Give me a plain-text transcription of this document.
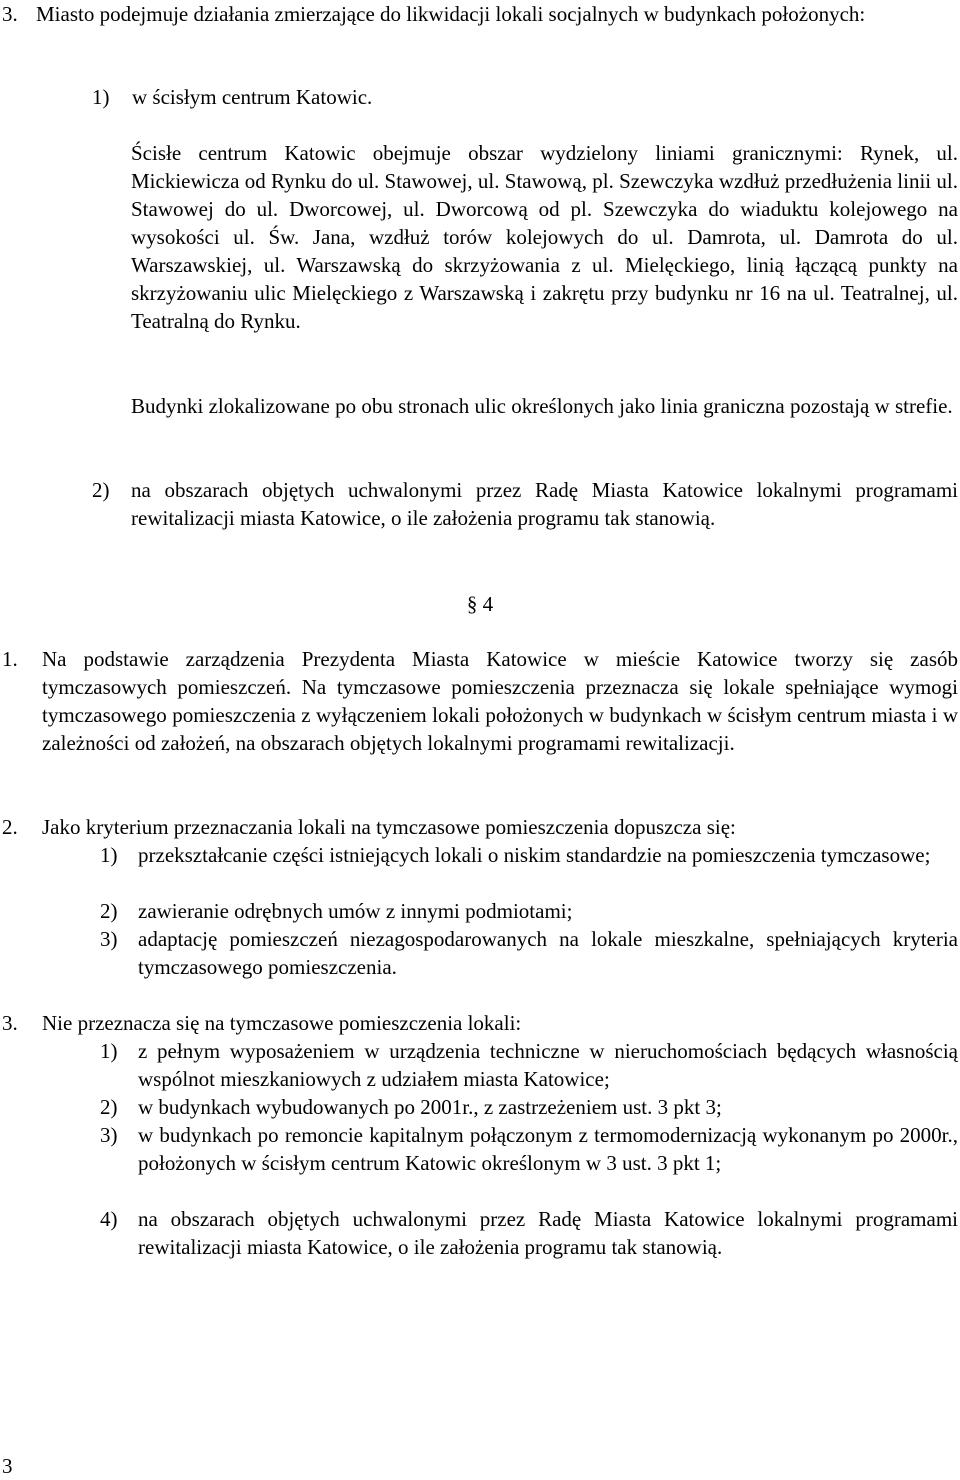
3. Miasto podejmuje działania zmierzające do likwidacji lokali socjalnych w budynkach położonych:
1) w ścisłym centrum Katowic.
Ścisłe centrum Katowic obejmuje obszar wydzielony liniami granicznymi: Rynek, ul. Mickiewicza od Rynku do ul. Stawowej, ul. Stawową, pl. Szewczyka wzdłuż przedłużenia linii ul. Stawowej do ul. Dworcowej, ul. Dworcową od pl. Szewczyka do wiaduktu kolejowego na wysokości ul. Św. Jana, wzdłuż torów kolejowych do ul. Damrota, ul. Damrota do ul. Warszawskiej, ul. Warszawską do skrzyżowania z ul. Mielęckiego, linią łączącą punkty na skrzyżowaniu ulic Mielęckiego z Warszawską i zakrętu przy budynku nr 16 na ul. Teatralnej, ul. Teatralną do Rynku.
Budynki zlokalizowane po obu stronach ulic określonych jako linia graniczna pozostają w strefie.
2) na obszarach objętych uchwalonymi przez Radę Miasta Katowice lokalnymi programami rewitalizacji miasta Katowice, o ile założenia programu tak stanowią.
§ 4
1. Na podstawie zarządzenia Prezydenta Miasta Katowice w mieście Katowice tworzy się zasób tymczasowych pomieszczeń. Na tymczasowe pomieszczenia przeznacza się lokale spełniające wymogi tymczasowego pomieszczenia z wyłączeniem lokali położonych w budynkach w ścisłym centrum miasta i w zależności od założeń, na obszarach objętych lokalnymi programami rewitalizacji.
2. Jako kryterium przeznaczania lokali na tymczasowe pomieszczenia dopuszcza się:
1) przekształcanie części istniejących lokali o niskim standardzie na pomieszczenia tymczasowe;
2) zawieranie odrębnych umów z innymi podmiotami;
3) adaptację pomieszczeń niezagospodarowanych na lokale mieszkalne, spełniających kryteria tymczasowego pomieszczenia.
3. Nie przeznacza się na tymczasowe pomieszczenia lokali:
1) z pełnym wyposażeniem w urządzenia techniczne w nieruchomościach będących własnością wspólnot mieszkaniowych z udziałem miasta Katowice;
2) w budynkach wybudowanych po 2001r., z zastrzeżeniem ust. 3 pkt 3;
3) w budynkach po remoncie kapitalnym połączonym z termomodernizacją wykonanym po 2000r., położonych w ścisłym centrum Katowic określonym w 3 ust. 3 pkt 1;
4) na obszarach objętych uchwalonymi przez Radę Miasta Katowice lokalnymi programami rewitalizacji miasta Katowice, o ile założenia programu tak stanowią.
3
